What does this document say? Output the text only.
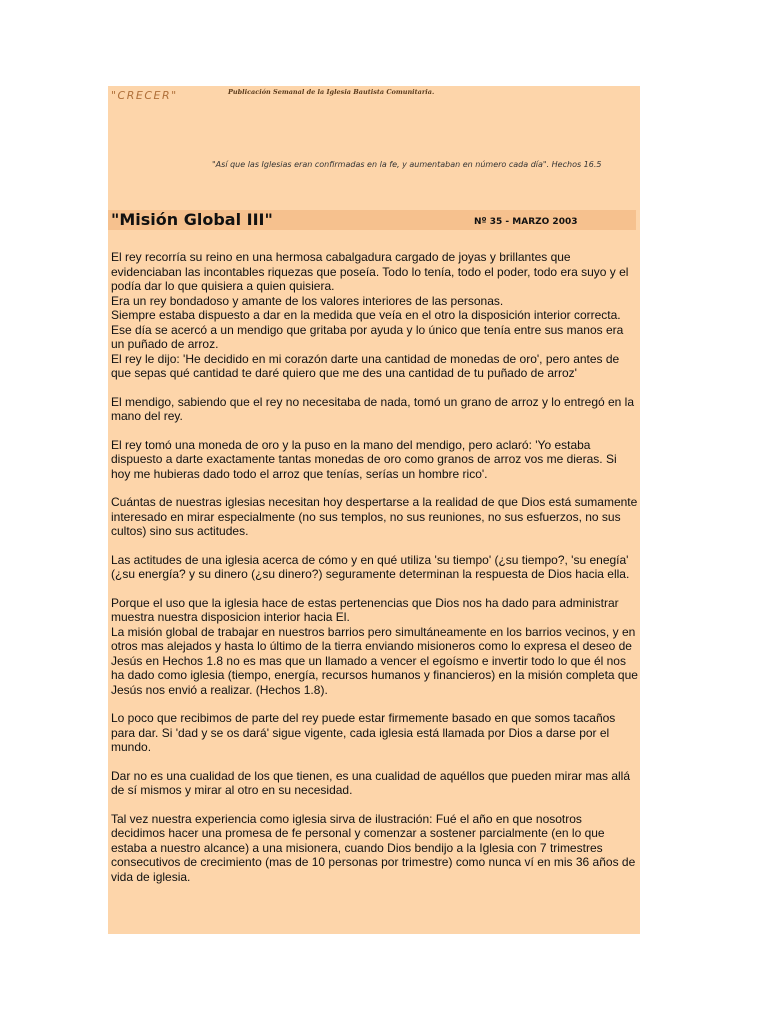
"CRECER"	Publicación Semanal de la Iglesia Bautista Comunitaria.
"Así que las Iglesias eran confirmadas en la fe, y aumentaban en número cada día". Hechos 16.5
"Misión Global III"	Nº 35 - MARZO 2003

El rey recorría su reino en una hermosa cabalgadura cargado de joyas y brillantes que evidenciaban las incontables riquezas que poseía. Todo lo tenía, todo el poder, todo era suyo y el podía dar lo que quisiera a quien quisiera.
Era un rey bondadoso y amante de los valores interiores de las personas.
Siempre estaba dispuesto a dar en la medida que veía en el otro la disposición interior correcta.
Ese día se acercó a un mendigo que gritaba por ayuda y lo único que tenía entre sus manos era un puñado de arroz.
El rey le dijo: 'He decidido en mi corazón darte una cantidad de monedas de oro', pero antes de que sepas qué cantidad te daré quiero que me des una cantidad de tu puñado de arroz'

El mendigo, sabiendo que el rey no necesitaba de nada, tomó un grano de arroz y lo entregó en la mano del rey.

El rey tomó una moneda de oro y la puso en la mano del mendigo, pero aclaró: 'Yo estaba dispuesto a darte exactamente tantas monedas de oro como granos de arroz vos me dieras. Si hoy me hubieras dado todo el arroz que tenías, serías un hombre rico'.

Cuántas de nuestras iglesias necesitan hoy despertarse a la realidad de que Dios está sumamente interesado en mirar especialmente (no sus templos, no sus reuniones, no sus esfuerzos, no sus cultos) sino sus actitudes.

Las actitudes de una iglesia acerca de cómo y en qué utiliza 'su tiempo' (¿su tiempo?, 'su enegía' (¿su energía? y su dinero (¿su dinero?) seguramente determinan la respuesta de Dios hacia ella.

Porque el uso que la iglesia hace de estas pertenencias que Dios nos ha dado para administrar muestra nuestra disposicion interior hacia El.
La misión global de trabajar en nuestros barrios pero simultáneamente en los barrios vecinos, y en otros mas alejados y hasta lo último de la tierra enviando misioneros como lo expresa el deseo de Jesús en Hechos 1.8 no es mas que un llamado a vencer el egoísmo e invertir todo lo que él nos ha dado como iglesia (tiempo, energía, recursos humanos y financieros) en la misión completa que Jesús nos envió a realizar. (Hechos 1.8).

Lo poco que recibimos de parte del rey puede estar firmemente basado en que somos tacaños para dar. Si 'dad y se os dará' sigue vigente, cada iglesia está llamada por Dios a darse por el mundo.

Dar no es una cualidad de los que tienen, es una cualidad de aquéllos que pueden mirar mas allá de sí mismos y mirar al otro en su necesidad.

Tal vez nuestra experiencia como iglesia sirva de ilustración: Fué el año en que nosotros decidimos hacer una promesa de fe personal y comenzar a sostener parcialmente (en lo que estaba a nuestro alcance) a una misionera, cuando Dios bendijo a la Iglesia con 7 trimestres consecutivos de crecimiento (mas de 10 personas por trimestre) como nunca ví en mis 36 años de vida de iglesia.
